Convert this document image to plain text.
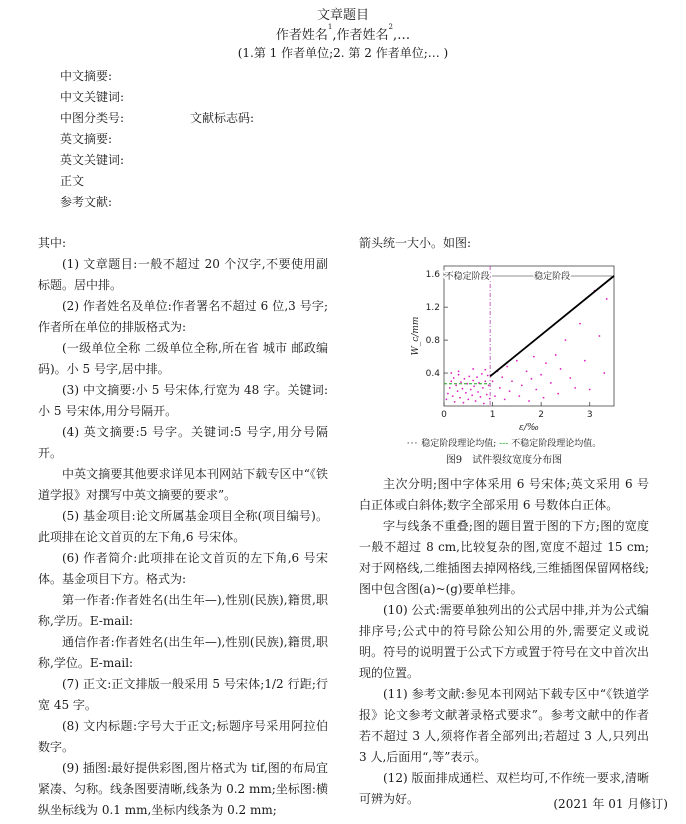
文章题目
作者姓名$^1$,作者姓名$^2$,…
(1.第 1 作者单位;2. 第 2 作者单位;… )
中文摘要:
中文关键词:
中图分类号:	文献标志码:
英文摘要:
英文关键词:
正文
参考文献:

其中:

(1) 文章题目:一般不超过 20 个汉字,不要使用副标题。居中排。

(2) 作者姓名及单位:作者署名不超过 6 位,3 号字;作者所在单位的排版格式为:

(一级单位全称 二级单位全称,所在省 城市 邮政编码)。小 5 号字,居中排。

(3) 中文摘要:小 5 号宋体,行宽为 48 字。关键词:小 5 号宋体,用分号隔开。

(4) 英文摘要:5 号字。关键词:5 号字,用分号隔开。

中英文摘要其他要求详见本刊网站下载专区中“《铁道学报》对撰写中英文摘要的要求”。

(5) 基金项目:论文所属基金项目全称(项目编号)。此项排在论文首页的左下角,6 号宋体。

(6) 作者简介:此项排在论文首页的左下角,6 号宋体。基金项目下方。格式为:

第一作者:作者姓名(出生年—),性别(民族),籍贯,职称,学历。E-mail:

通信作者:作者姓名(出生年—),性别(民族),籍贯,职称,学位。E-mail:

(7) 正文:正文排版一般采用 5 号宋体;1/2 行距;行宽 45 字。

(8) 文内标题:字号大于正文;标题序号采用阿拉伯数字。

(9) 插图:最好提供彩图,图片格式为 tif,图的布局宜紧凑、匀称。线条图要清晰,线条为 0.2 mm;坐标图:横纵坐标线为 0.1 mm,坐标内线条为 0.2 mm;

箭头统一大小。如图:

0	1	2	3
0.4
0.8
1.2
1.6
ε/‰
W_c/mm
不稳定阶段	稳定阶段
··· 稳定阶段理论均值; --- 不稳定阶段理论均值。
图9　试件裂纹宽度分布图

主次分明;图中字体采用 6 号宋体;英文采用 6 号白正体或白斜体;数字全部采用 6 号数体白正体。

字与线条不重叠;图的题目置于图的下方;图的宽度一般不超过 8 cm,比较复杂的图,宽度不超过 15 cm;对于网格线,二维插图去掉网格线,三维插图保留网格线;图中包含图(a)~(g)要单栏排。

(10) 公式:需要单独列出的公式居中排,并为公式编排序号;公式中的符号除公知公用的外,需要定义或说明。符号的说明置于公式下方或置于符号在文中首次出现的位置。

(11) 参考文献:参见本刊网站下载专区中“《铁道学报》论文参考文献著录格式要求”。参考文献中的作者若不超过 3 人,须将作者全部列出;若超过 3 人,只列出 3 人,后面用“,等”表示。

(12) 版面排成通栏、双栏均可,不作统一要求,清晰可辨为好。	(2021 年 01 月修订)
